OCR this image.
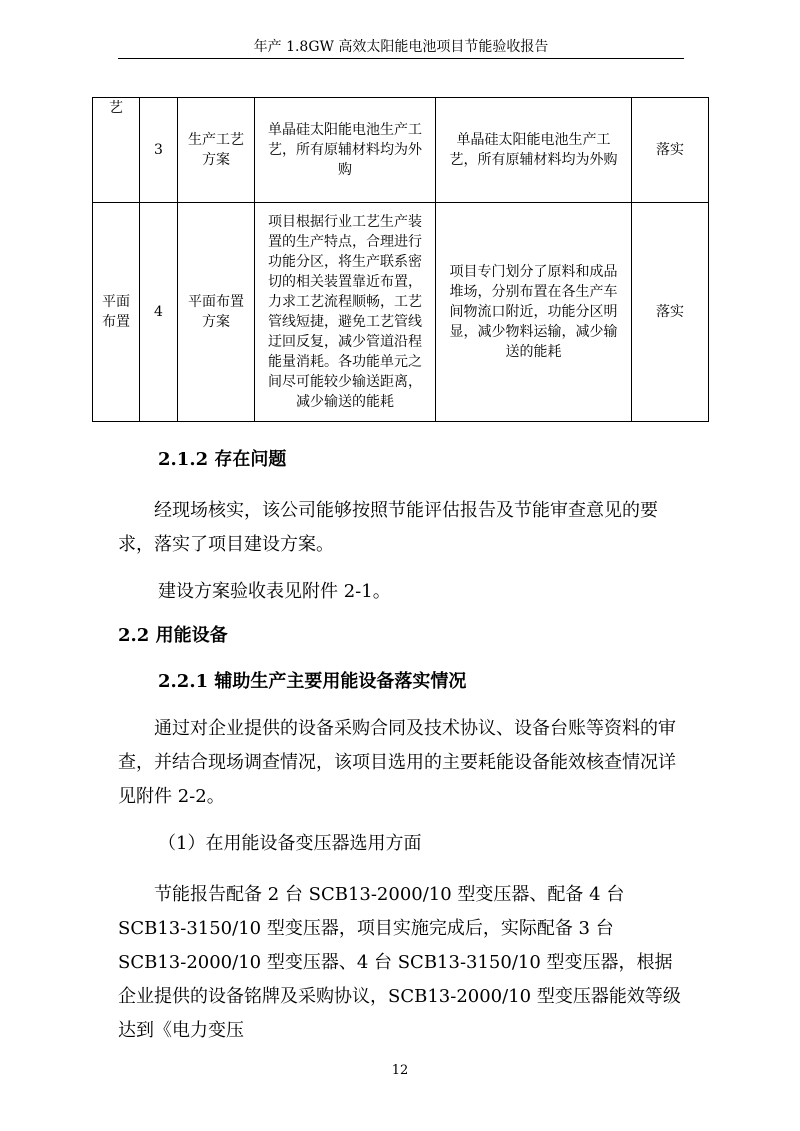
年产 1.8GW 高效太阳能电池项目节能验收报告
艺	3	生产工艺方案	单晶硅太阳能电池生产工艺，所有原辅材料均为外购	单晶硅太阳能电池生产工艺，所有原辅材料均为外购	落实
平面布置	4	平面布置方案	项目根据行业工艺生产装置的生产特点，合理进行功能分区，将生产联系密切的相关装置靠近布置，力求工艺流程顺畅，工艺管线短捷，避免工艺管线迂回反复，减少管道沿程能量消耗。各功能单元之间尽可能较少输送距离，减少输送的能耗	项目专门划分了原料和成品堆场，分别布置在各生产车间物流口附近，功能分区明显，减少物料运输，减少输送的能耗	落实
2.1.2 存在问题
经现场核实，该公司能够按照节能评估报告及节能审查意见的要求，落实了项目建设方案。
建设方案验收表见附件 2-1。
2.2 用能设备
2.2.1 辅助生产主要用能设备落实情况
通过对企业提供的设备采购合同及技术协议、设备台账等资料的审查，并结合现场调查情况，该项目选用的主要耗能设备能效核查情况详见附件 2-2。
（1）在用能设备变压器选用方面
节能报告配备 2 台 SCB13-2000/10 型变压器、配备 4 台 SCB13-3150/10 型变压器，项目实施完成后，实际配备 3 台 SCB13-2000/10 型变压器、4 台 SCB13-3150/10 型变压器，根据企业提供的设备铭牌及采购协议，SCB13-2000/10 型变压器能效等级达到《电力变压
12
